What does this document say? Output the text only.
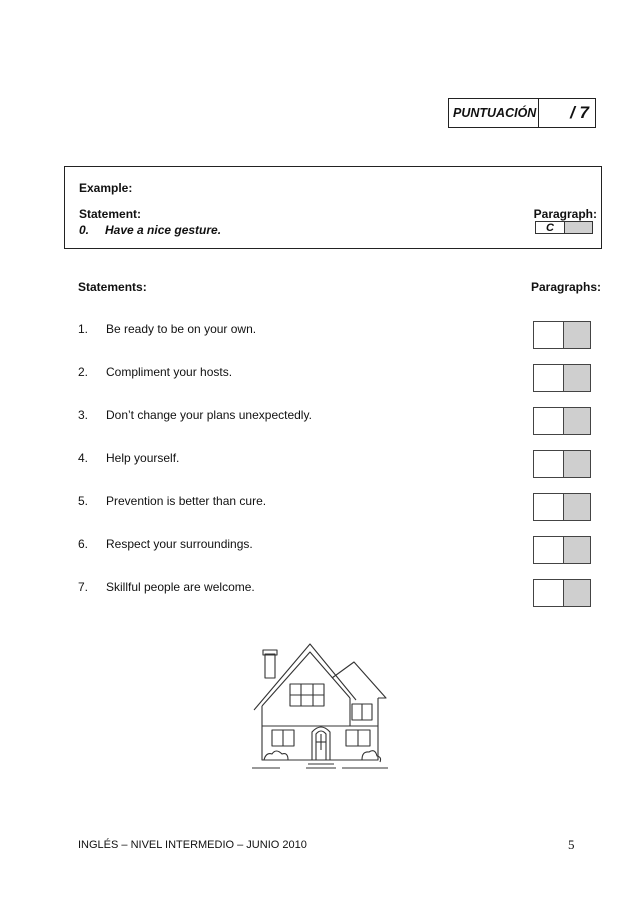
PUNTUACIÓN	/ 7
Example:
Statement:
0. Have a nice gesture.
Paragraph:
C
Statements:	Paragraphs:
1. Be ready to be on your own.
2. Compliment your hosts.
3. Don’t change your plans unexpectedly.
4. Help yourself.
5. Prevention is better than cure.
6. Respect your surroundings.
7. Skillful people are welcome.
INGLÉS – NIVEL INTERMEDIO – JUNIO 2010	5
